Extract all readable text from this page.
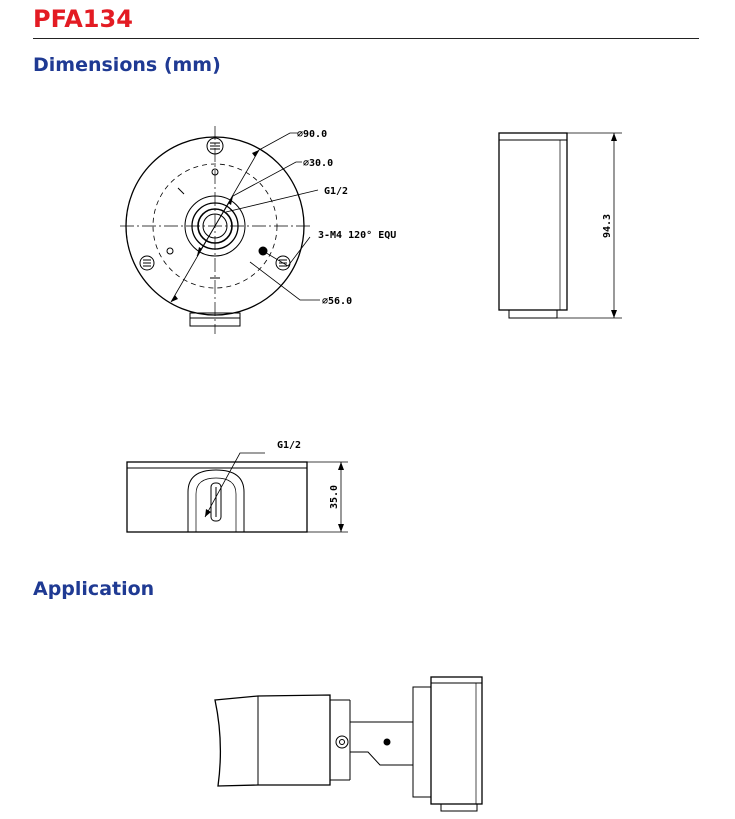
PFA134
Dimensions (mm)
Application
∅90.0
∅30.0
G1/2
3-M4 120° EQU
∅56.0
94.3
G1/2
35.0
